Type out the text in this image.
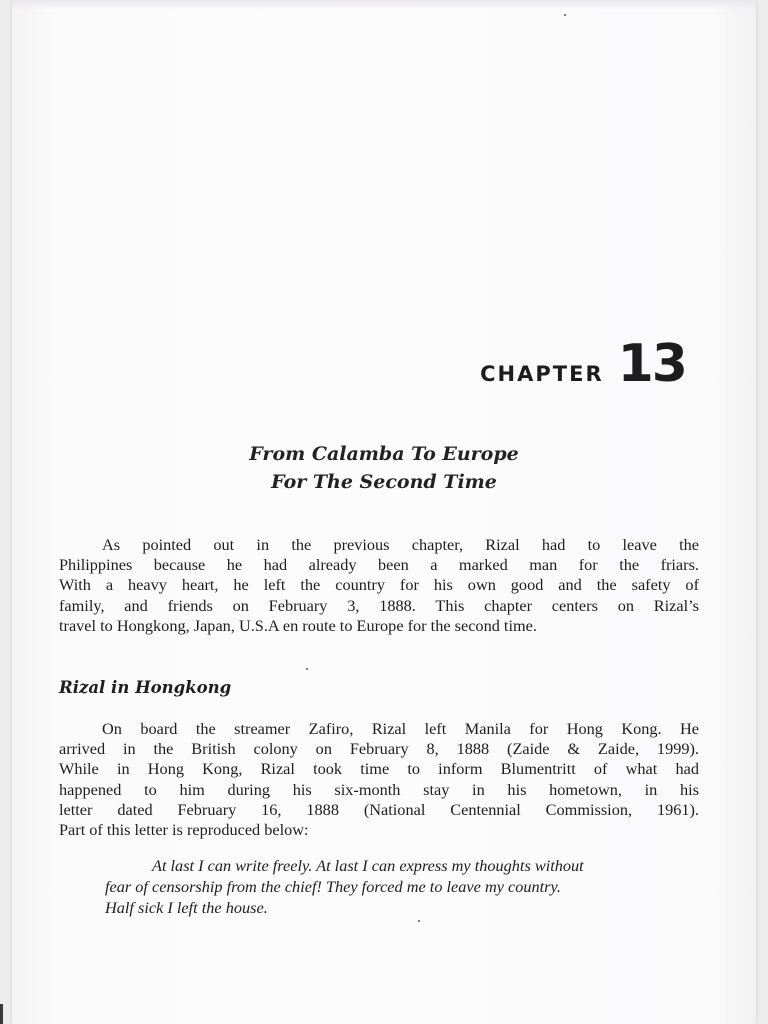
CHAPTER 13
From Calamba To Europe
For The Second Time
As pointed out in the previous chapter, Rizal had to leave the
Philippines because he had already been a marked man for the friars.
With a heavy heart, he left the country for his own good and the safety of
family, and friends on February 3, 1888. This chapter centers on Rizal’s
travel to Hongkong, Japan, U.S.A en route to Europe for the second time.
Rizal in Hongkong
On board the streamer Zafiro, Rizal left Manila for Hong Kong. He
arrived in the British colony on February 8, 1888 (Zaide & Zaide, 1999).
While in Hong Kong, Rizal took time to inform Blumentritt of what had
happened to him during his six-month stay in his hometown, in his
letter dated February 16, 1888 (National Centennial Commission, 1961).
Part of this letter is reproduced below:
At last I can write freely. At last I can express my thoughts without
fear of censorship from the chief! They forced me to leave my country.
Half sick I left the house.
